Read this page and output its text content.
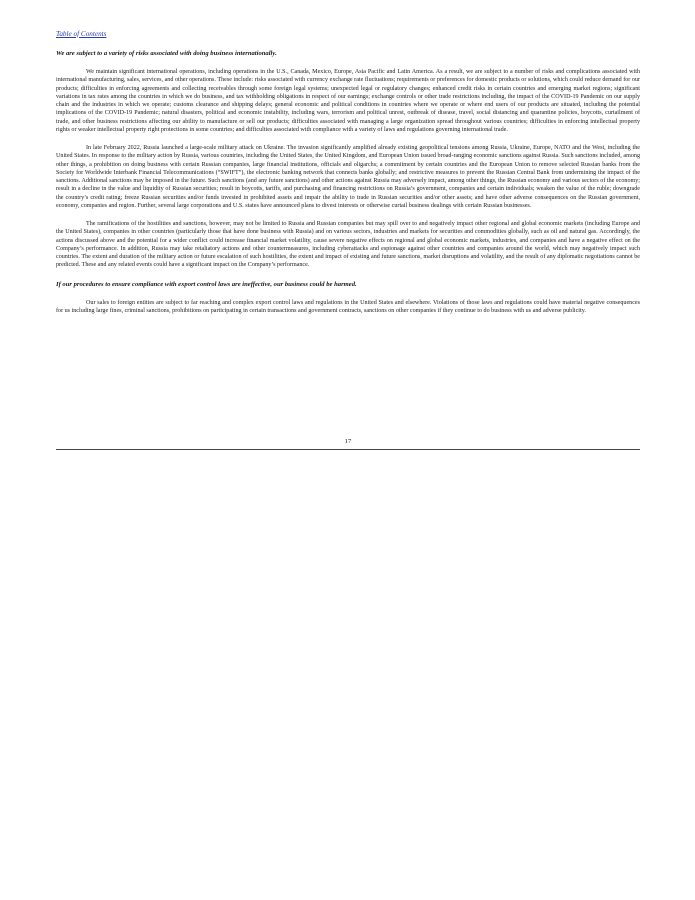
Table of Contents
We are subject to a variety of risks associated with doing business internationally.

We maintain significant international operations, including operations in the U.S., Canada, Mexico, Europe, Asia Pacific and Latin America. As a result, we are subject to a number of risks and complications associated with international manufacturing, sales, services, and other operations. These include: risks associated with currency exchange rate fluctuations; requirements or preferences for domestic products or solutions, which could reduce demand for our products; difficulties in enforcing agreements and collecting receivables through some foreign legal systems; unexpected legal or regulatory changes; enhanced credit risks in certain countries and emerging market regions; significant variations in tax rates among the countries in which we do business, and tax withholding obligations in respect of our earnings; exchange controls or other trade restrictions including, the impact of the COVID-19 Pandemic on our supply chain and the industries in which we operate; customs clearance and shipping delays; general economic and political conditions in countries where we operate or where end users of our products are situated, including the potential implications of the COVID-19 Pandemic; natural disasters, political and economic instability, including wars, terrorism and political unrest, outbreak of disease, travel, social distancing and quarantine policies, boycotts, curtailment of trade, and other business restrictions affecting our ability to manufacture or sell our products; difficulties associated with managing a large organization spread throughout various countries; difficulties in enforcing intellectual property rights or weaker intellectual property right protections in some countries; and difficulties associated with compliance with a variety of laws and regulations governing international trade.

In late February 2022, Russia launched a large-scale military attack on Ukraine. The invasion significantly amplified already existing geopolitical tensions among Russia, Ukraine, Europe, NATO and the West, including the United States. In response to the military action by Russia, various countries, including the United States, the United Kingdom, and European Union issued broad-ranging economic sanctions against Russia. Such sanctions included, among other things, a prohibition on doing business with certain Russian companies, large financial institutions, officials and oligarchs; a commitment by certain countries and the European Union to remove selected Russian banks from the Society for Worldwide Interbank Financial Telecommunications (“SWIFT”), the electronic banking network that connects banks globally; and restrictive measures to prevent the Russian Central Bank from undermining the impact of the sanctions. Additional sanctions may be imposed in the future. Such sanctions (and any future sanctions) and other actions against Russia may adversely impact, among other things, the Russian economy and various sectors of the economy; result in a decline in the value and liquidity of Russian securities; result in boycotts, tariffs, and purchasing and financing restrictions on Russia’s government, companies and certain individuals; weaken the value of the ruble; downgrade the country’s credit rating; freeze Russian securities and/or funds invested in prohibited assets and impair the ability to trade in Russian securities and/or other assets; and have other adverse consequences on the Russian government, economy, companies and region. Further, several large corporations and U.S. states have announced plans to divest interests or otherwise curtail business dealings with certain Russian businesses.

The ramifications of the hostilities and sanctions, however, may not be limited to Russia and Russian companies but may spill over to and negatively impact other regional and global economic markets (including Europe and the United States), companies in other countries (particularly those that have done business with Russia) and on various sectors, industries and markets for securities and commodities globally, such as oil and natural gas. Accordingly, the actions discussed above and the potential for a wider conflict could increase financial market volatility, cause severe negative effects on regional and global economic markets, industries, and companies and have a negative effect on the Company’s performance. In addition, Russia may take retaliatory actions and other countermeasures, including cyberattacks and espionage against other countries and companies around the world, which may negatively impact such countries. The extent and duration of the military action or future escalation of such hostilities, the extent and impact of existing and future sanctions, market disruptions and volatility, and the result of any diplomatic negotiations cannot be predicted. These and any related events could have a significant impact on the Company’s performance.

If our procedures to ensure compliance with export control laws are ineffective, our business could be harmed.

Our sales to foreign entities are subject to far reaching and complex export control laws and regulations in the United States and elsewhere. Violations of those laws and regulations could have material negative consequences for us including large fines, criminal sanctions, prohibitions on participating in certain transactions and government contracts, sanctions on other companies if they continue to do business with us and adverse publicity.

17
